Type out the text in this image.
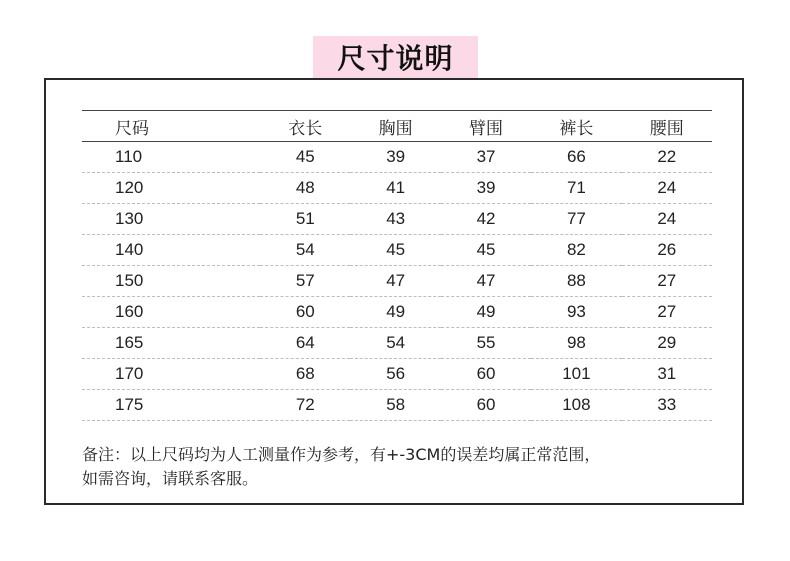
尺寸说明
尺码	衣长	胸围	臂围	裤长	腰围
110	45	39	37	66	22
120	48	41	39	71	24
130	51	43	42	77	24
140	54	45	45	82	26
150	57	47	47	88	27
160	60	49	49	93	27
165	64	54	55	98	29
170	68	56	60	101	31
175	72	58	60	108	33
备注：以上尺码均为人工测量作为参考，有+-3CM的误差均属正常范围，
如需咨询，请联系客服。
